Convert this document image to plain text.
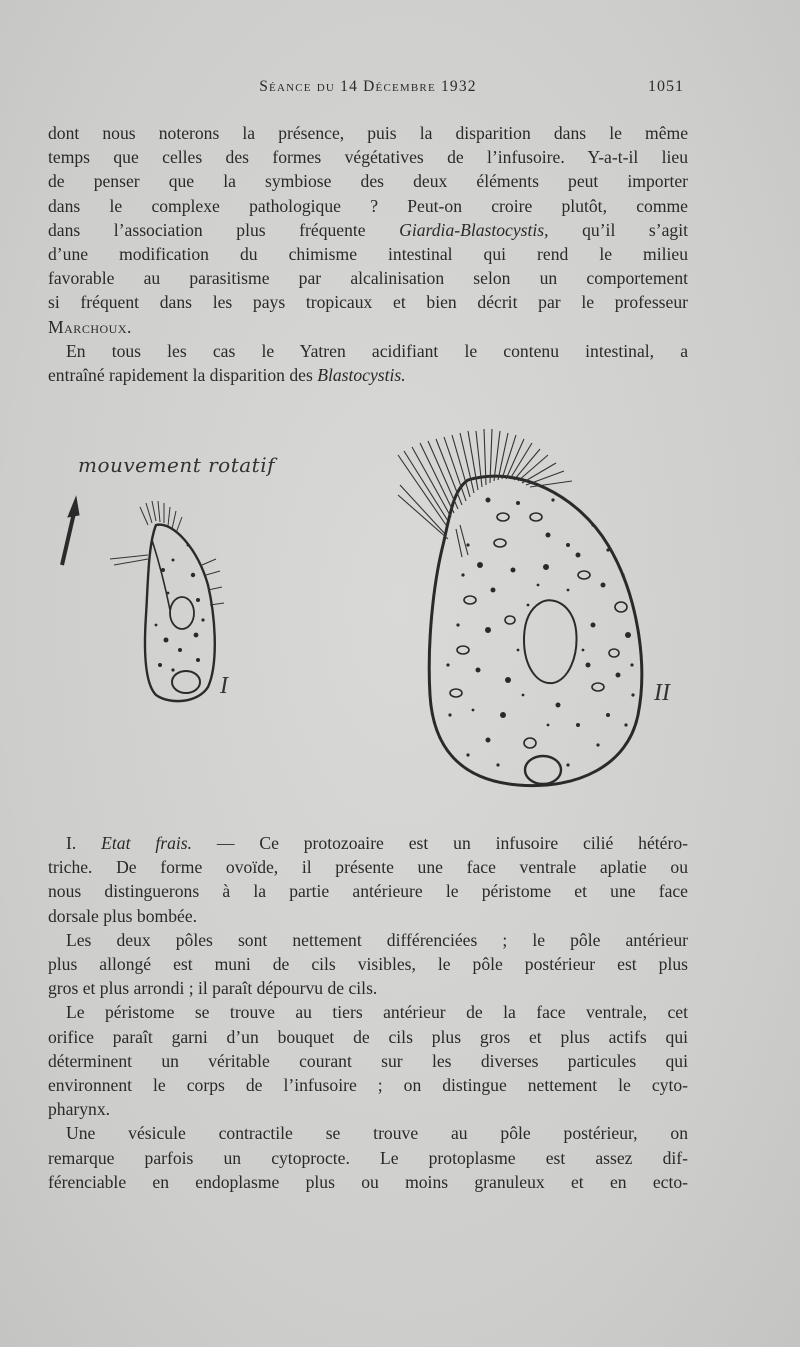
Séance du 14 Décembre 1932	1051
dont nous noterons la présence, puis la disparition dans le même
temps que celles des formes végétatives de l’infusoire. Y-a-t-il lieu
de penser que la symbiose des deux éléments peut importer
dans le complexe pathologique ? Peut-on croire plutôt, comme
dans l’association plus fréquente Giardia-Blastocystis, qu’il s’agit
d’une modification du chimisme intestinal qui rend le milieu
favorable au parasitisme par alcalinisation selon un comportement
si fréquent dans les pays tropicaux et bien décrit par le professeur
Marchoux.
En tous les cas le Yatren acidifiant le contenu intestinal, a
entraîné rapidement la disparition des Blastocystis.
mouvement rotatif
I	II
I. Etat frais. — Ce protozoaire est un infusoire cilié hétéro-
triche. De forme ovoïde, il présente une face ventrale aplatie ou
nous distinguerons à la partie antérieure le péristome et une face
dorsale plus bombée.
Les deux pôles sont nettement différenciées ; le pôle antérieur
plus allongé est muni de cils visibles, le pôle postérieur est plus
gros et plus arrondi ; il paraît dépourvu de cils.
Le péristome se trouve au tiers antérieur de la face ventrale, cet
orifice paraît garni d’un bouquet de cils plus gros et plus actifs qui
déterminent un véritable courant sur les diverses particules qui
environnent le corps de l’infusoire ; on distingue nettement le cyto-
pharynx.
Une vésicule contractile se trouve au pôle postérieur, on
remarque parfois un cytoprocte. Le protoplasme est assez dif-
férenciable en endoplasme plus ou moins granuleux et en ecto-
